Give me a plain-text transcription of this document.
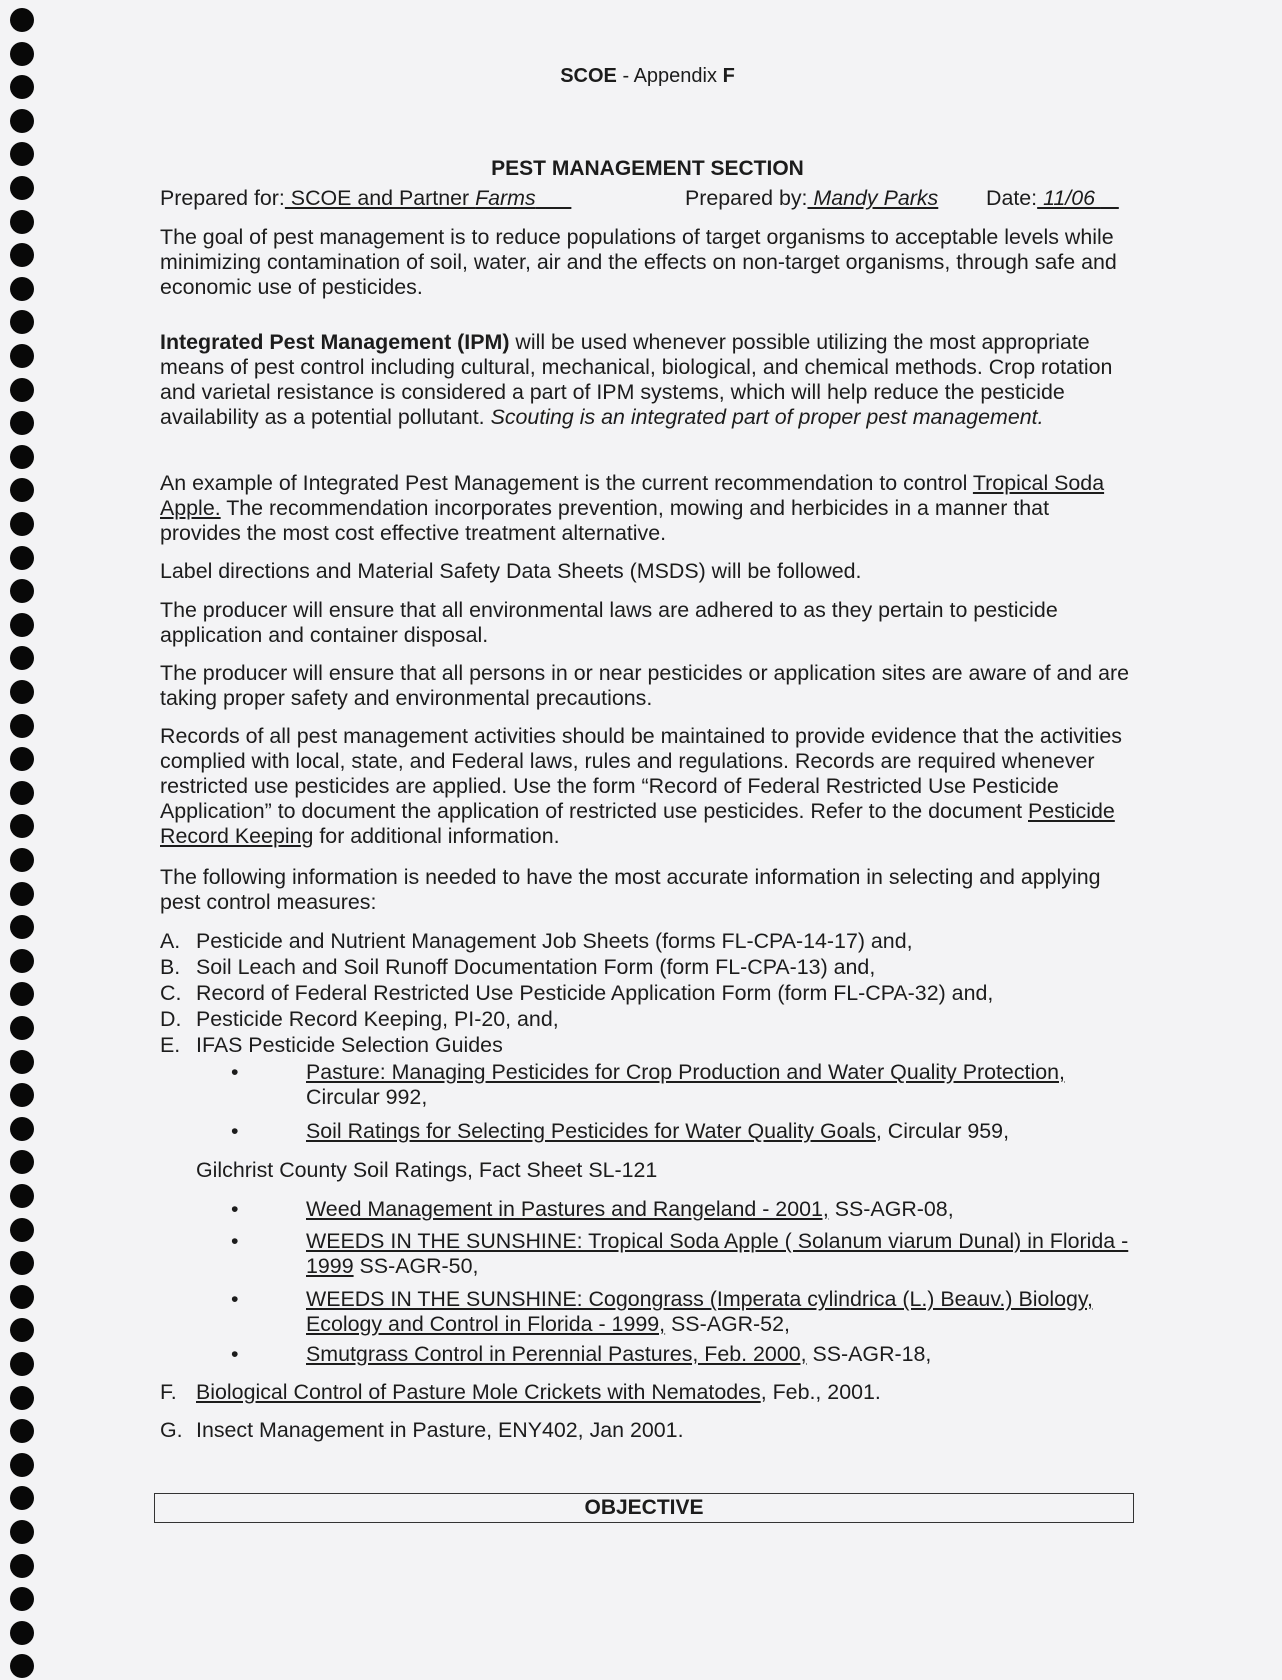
SCOE - Appendix F
PEST MANAGEMENT SECTION
Prepared for: SCOE and Partner Farms	Prepared by: Mandy Parks Date: 11/06

The goal of pest management is to reduce populations of target organisms to acceptable levels while minimizing contamination of soil, water, air and the effects on non-target organisms, through safe and economic use of pesticides.

Integrated Pest Management (IPM) will be used whenever possible utilizing the most appropriate means of pest control including cultural, mechanical, biological, and chemical methods. Crop rotation and varietal resistance is considered a part of IPM systems, which will help reduce the pesticide availability as a potential pollutant. Scouting is an integrated part of proper pest management.

An example of Integrated Pest Management is the current recommendation to control Tropical Soda Apple. The recommendation incorporates prevention, mowing and herbicides in a manner that provides the most cost effective treatment alternative.

Label directions and Material Safety Data Sheets (MSDS) will be followed.

The producer will ensure that all environmental laws are adhered to as they pertain to pesticide application and container disposal.

The producer will ensure that all persons in or near pesticides or application sites are aware of and are taking proper safety and environmental precautions.

Records of all pest management activities should be maintained to provide evidence that the activities complied with local, state, and Federal laws, rules and regulations. Records are required whenever restricted use pesticides are applied. Use the form “Record of Federal Restricted Use Pesticide Application” to document the application of restricted use pesticides. Refer to the document Pesticide Record Keeping for additional information.

The following information is needed to have the most accurate information in selecting and applying pest control measures:

A. Pesticide and Nutrient Management Job Sheets (forms FL-CPA-14-17) and,
B. Soil Leach and Soil Runoff Documentation Form (form FL-CPA-13) and,
C. Record of Federal Restricted Use Pesticide Application Form (form FL-CPA-32) and,
D. Pesticide Record Keeping, PI-20, and,
E. IFAS Pesticide Selection Guides
•	Pasture: Managing Pesticides for Crop Production and Water Quality Protection, Circular 992,
•	Soil Ratings for Selecting Pesticides for Water Quality Goals, Circular 959,
Gilchrist County Soil Ratings, Fact Sheet SL-121
•	Weed Management in Pastures and Rangeland - 2001, SS-AGR-08,
•	WEEDS IN THE SUNSHINE: Tropical Soda Apple ( Solanum viarum Dunal) in Florida - 1999 SS-AGR-50,
•	WEEDS IN THE SUNSHINE: Cogongrass (Imperata cylindrica (L.) Beauv.) Biology, Ecology and Control in Florida - 1999, SS-AGR-52,
•	Smutgrass Control in Perennial Pastures, Feb. 2000, SS-AGR-18,
F. Biological Control of Pasture Mole Crickets with Nematodes, Feb., 2001.
G. Insect Management in Pasture, ENY402, Jan 2001.
OBJECTIVE
